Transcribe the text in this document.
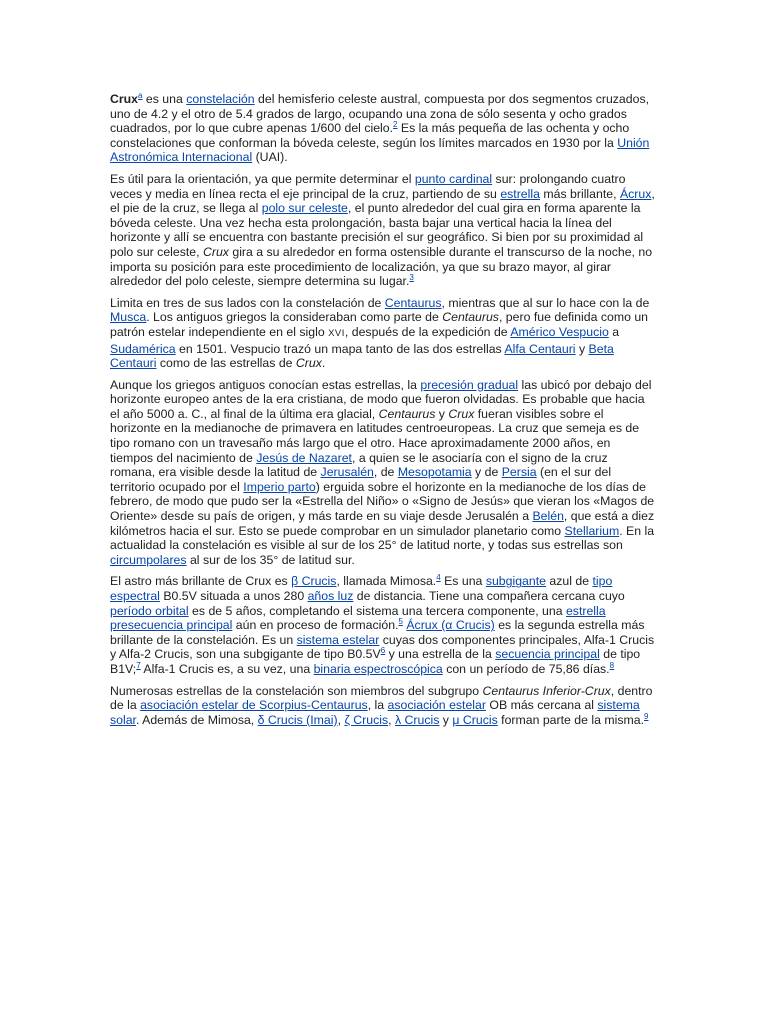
Crux$^a$ es una constelación del hemisferio celeste austral, compuesta por dos segmentos cruzados, uno de 4.2 y el otro de 5.4 grados de largo, ocupando una zona de sólo sesenta y ocho grados cuadrados, por lo que cubre apenas 1/600 del cielo.$^2$ Es la más pequeña de las ochenta y ocho constelaciones que conforman la bóveda celeste, según los límites marcados en 1930 por la Unión Astronómica Internacional (UAI).

Es útil para la orientación, ya que permite determinar el punto cardinal sur: prolongando cuatro veces y media en línea recta el eje principal de la cruz, partiendo de su estrella más brillante, Ácrux, el pie de la cruz, se llega al polo sur celeste, el punto alrededor del cual gira en forma aparente la bóveda celeste. Una vez hecha esta prolongación, basta bajar una vertical hacia la línea del horizonte y allí se encuentra con bastante precisión el sur geográfico. Si bien por su proximidad al polo sur celeste, Crux gira a su alrededor en forma ostensible durante el transcurso de la noche, no importa su posición para este procedimiento de localización, ya que su brazo mayor, al girar alrededor del polo celeste, siempre determina su lugar.$^3$

Limita en tres de sus lados con la constelación de Centaurus, mientras que al sur lo hace con la de Musca. Los antiguos griegos la consideraban como parte de Centaurus, pero fue definida como un patrón estelar independiente en el siglo XVI, después de la expedición de Américo Vespucio a Sudamérica en 1501. Vespucio trazó un mapa tanto de las dos estrellas Alfa Centauri y Beta Centauri como de las estrellas de Crux.

Aunque los griegos antiguos conocían estas estrellas, la precesión gradual las ubicó por debajo del horizonte europeo antes de la era cristiana, de modo que fueron olvidadas. Es probable que hacia el año 5000 a. C., al final de la última era glacial, Centaurus y Crux fueran visibles sobre el horizonte en la medianoche de primavera en latitudes centroeuropeas. La cruz que semeja es de tipo romano con un travesaño más largo que el otro. Hace aproximadamente 2000 años, en tiempos del nacimiento de Jesús de Nazaret, a quien se le asociaría con el signo de la cruz romana, era visible desde la latitud de Jerusalén, de Mesopotamia y de Persia (en el sur del territorio ocupado por el Imperio parto) erguida sobre el horizonte en la medianoche de los días de febrero, de modo que pudo ser la «Estrella del Niño» o «Signo de Jesús» que vieran los «Magos de Oriente» desde su país de origen, y más tarde en su viaje desde Jerusalén a Belén, que está a diez kilómetros hacia el sur. Esto se puede comprobar en un simulador planetario como Stellarium. En la actualidad la constelación es visible al sur de los 25° de latitud norte, y todas sus estrellas son circumpolares al sur de los 35° de latitud sur.

El astro más brillante de Crux es β Crucis, llamada Mimosa.$^4$ Es una subgigante azul de tipo espectral B0.5V situada a unos 280 años luz de distancia. Tiene una compañera cercana cuyo período orbital es de 5 años, completando el sistema una tercera componente, una estrella presecuencia principal aún en proceso de formación.$^5$ Ácrux (α Crucis) es la segunda estrella más brillante de la constelación. Es un sistema estelar cuyas dos componentes principales, Alfa-1 Crucis y Alfa-2 Crucis, son una subgigante de tipo $B0.5V^6$ y una estrella de la secuencia principal de tipo B1V;$^7$ Alfa-1 Crucis es, a su vez, una binaria espectroscópica con un período de 75,86 días.$^8$

Numerosas estrellas de la constelación son miembros del subgrupo Centaurus Inferior-Crux, dentro de la asociación estelar de Scorpius-Centaurus, la asociación estelar OB más cercana al sistema solar. Además de Mimosa, δ Crucis (Imai), ζ Crucis, λ Crucis y μ Crucis forman parte de la misma.$^9$
